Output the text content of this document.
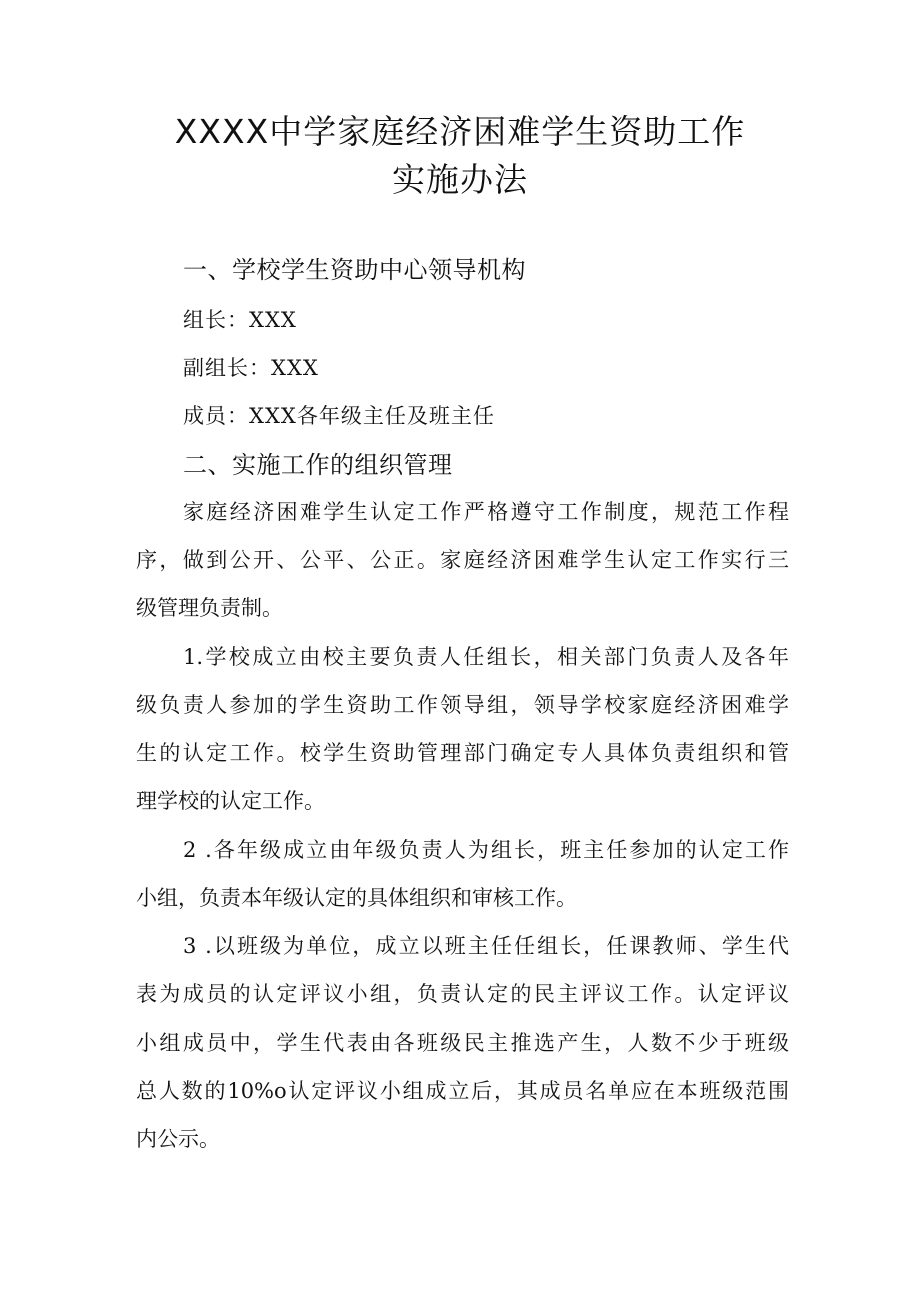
XXXX中学家庭经济困难学生资助工作
实施办法
一、学校学生资助中心领导机构
组长：XXX
副组长：XXX
成员：XXX各年级主任及班主任
二、实施工作的组织管理
家庭经济困难学生认定工作严格遵守工作制度，规范工作程
序，做到公开、公平、公正。家庭经济困难学生认定工作实行三
级管理负责制。
1.学校成立由校主要负责人任组长，相关部门负责人及各年
级负责人参加的学生资助工作领导组，领导学校家庭经济困难学
生的认定工作。校学生资助管理部门确定专人具体负责组织和管
理学校的认定工作。
2 .各年级成立由年级负责人为组长，班主任参加的认定工作
小组，负责本年级认定的具体组织和审核工作。
3 .以班级为单位，成立以班主任任组长，任课教师、学生代
表为成员的认定评议小组，负责认定的民主评议工作。认定评议
小组成员中，学生代表由各班级民主推选产生，人数不少于班级
总人数的10%o认定评议小组成立后，其成员名单应在本班级范围
内公示。
